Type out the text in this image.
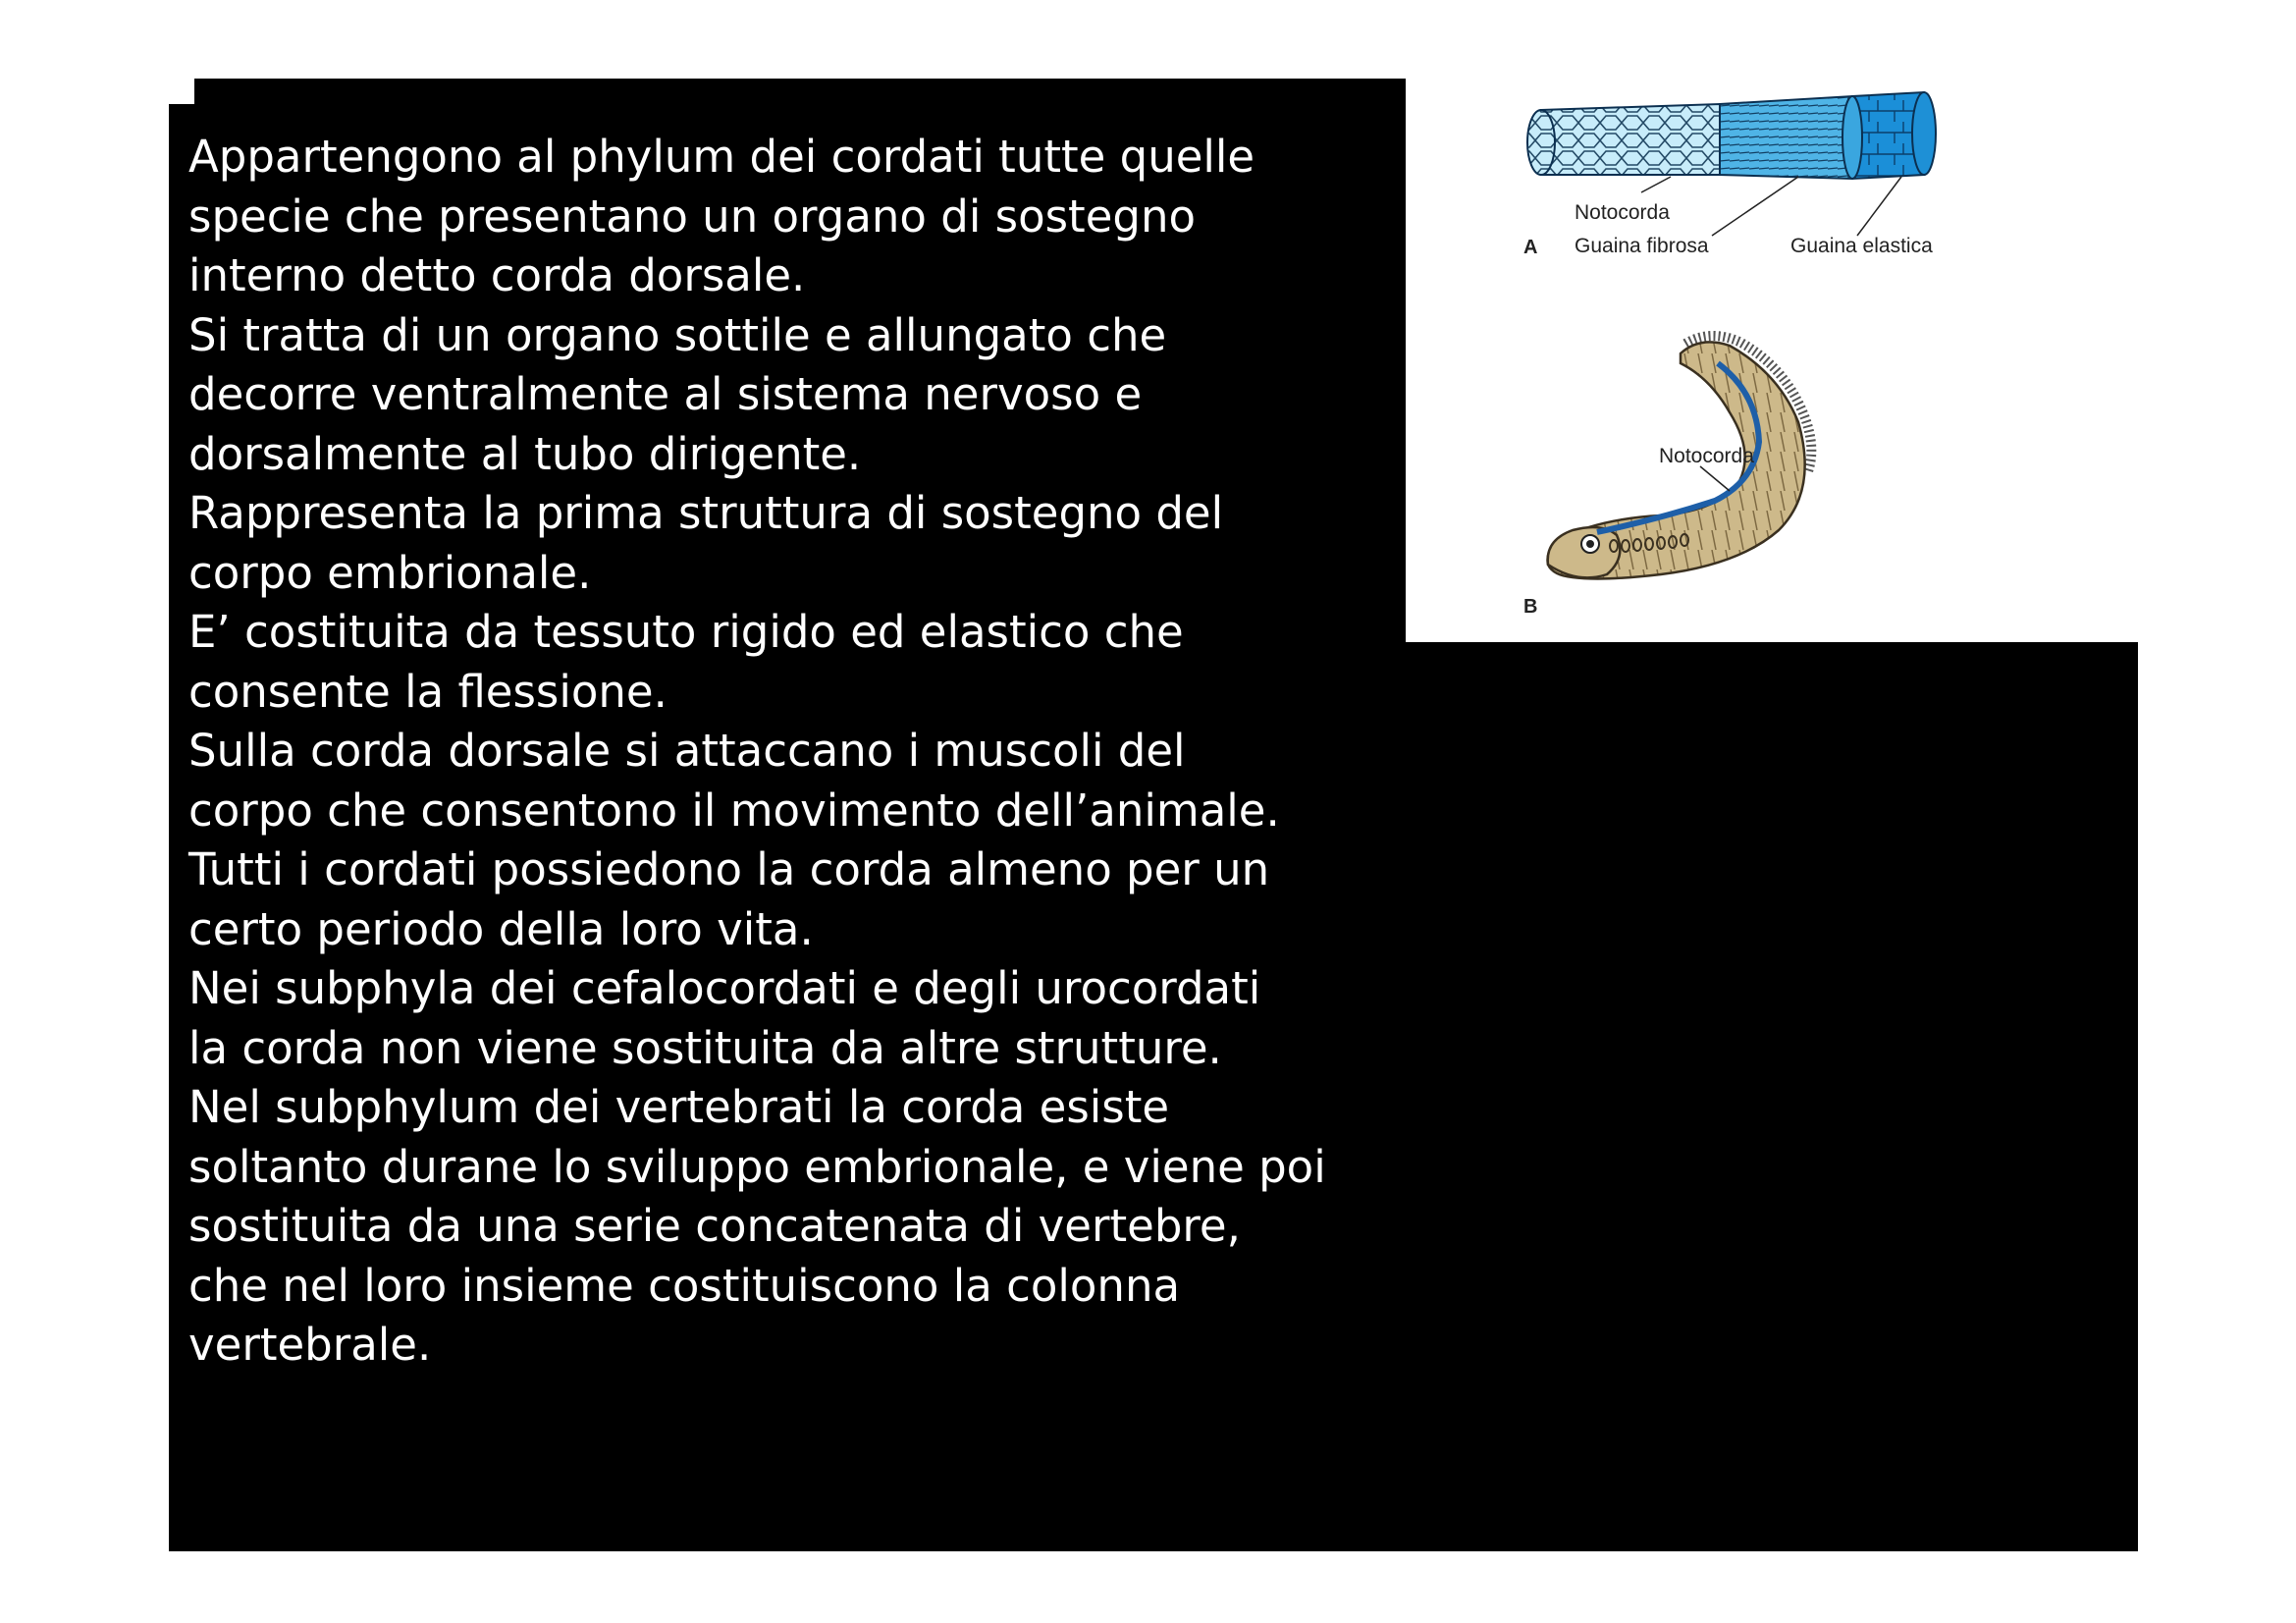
Appartengono al phylum dei cordati tutte quelle

specie che presentano un organo di sostegno

interno detto corda dorsale.

Si tratta di un organo sottile e allungato che

decorre ventralmente al sistema nervoso e

dorsalmente al tubo dirigente.

Rappresenta la prima struttura di sostegno del

corpo embrionale.

E’ costituita da tessuto rigido ed elastico che

consente la flessione.

Sulla corda dorsale si attaccano i muscoli del

corpo che consentono il movimento dell’animale.

Tutti i cordati possiedono la corda almeno per un

certo periodo della loro vita.

Nei subphyla dei cefalocordati e degli urocordati

la corda non viene sostituita da altre strutture.

Nel subphylum dei vertebrati la corda esiste

soltanto durane lo sviluppo embrionale, e viene poi

sostituita da una serie concatenata di vertebre,

che nel loro insieme costituiscono la colonna

vertebrale.

Notocorda
Guaina fibrosa	Guaina elastica
A
Notocorda
B
